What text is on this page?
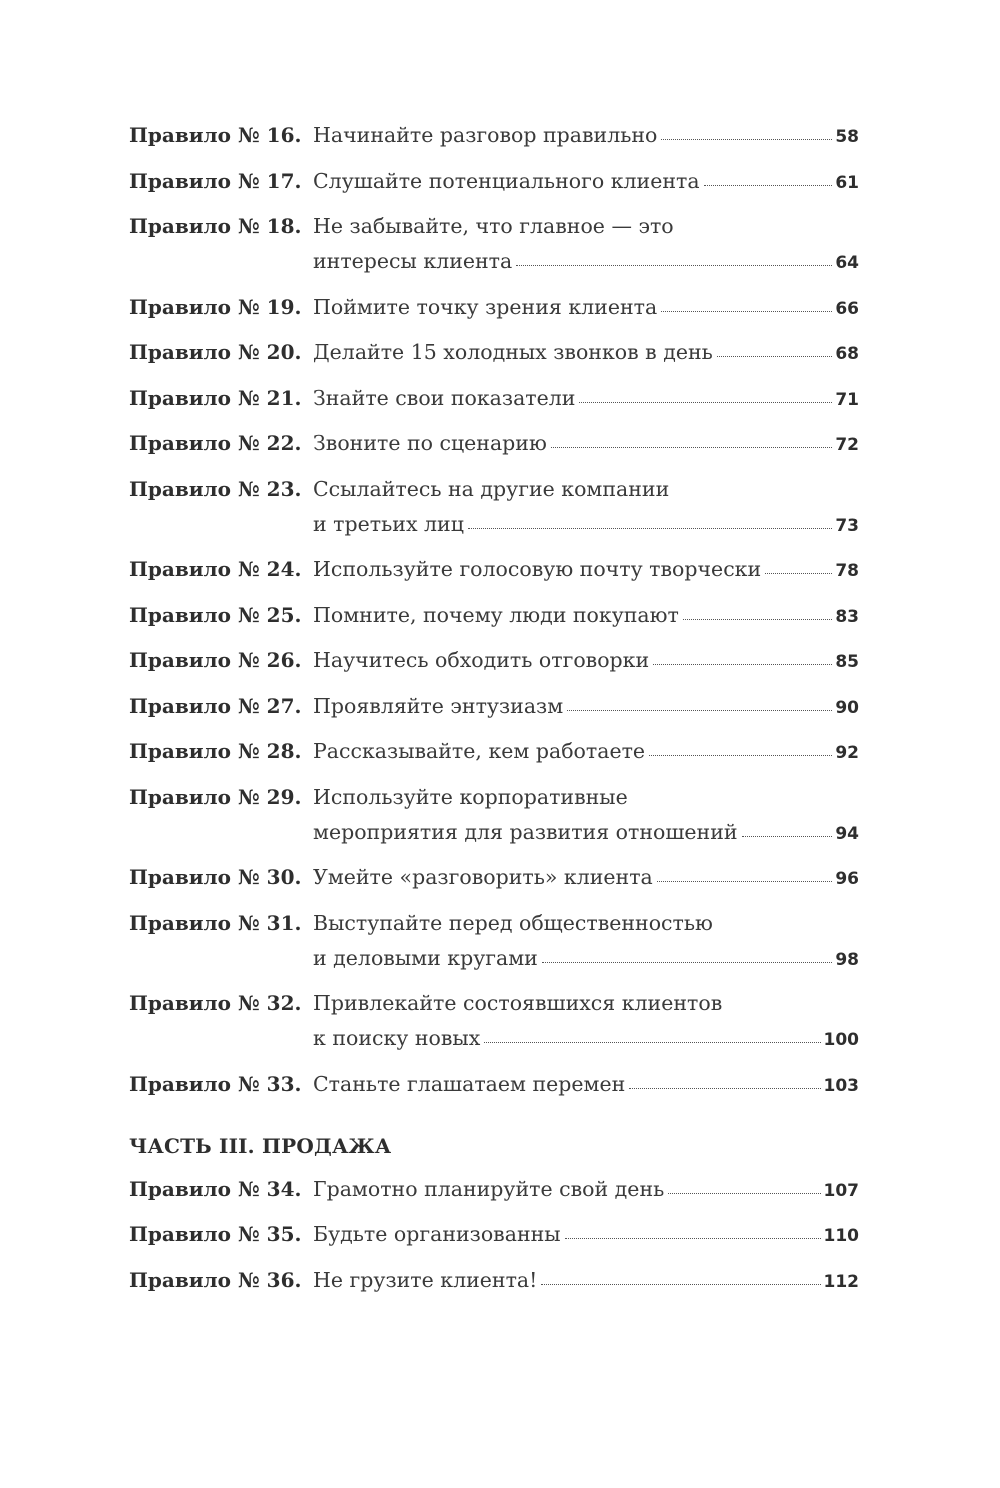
Правило № 16. Начинайте разговор правильно	58
Правило № 17. Слушайте потенциального клиента	61
Правило № 18. Не забывайте, что главное — это
интересы клиента	64
Правило № 19. Поймите точку зрения клиента	66
Правило № 20. Делайте 15 холодных звонков в день	68
Правило № 21. Знайте свои показатели	71
Правило № 22. Звоните по сценарию	72
Правило № 23. Ссылайтесь на другие компании
и третьих лиц	73
Правило № 24. Используйте голосовую почту творчески	78
Правило № 25. Помните, почему люди покупают	83
Правило № 26. Научитесь обходить отговорки	85
Правило № 27. Проявляйте энтузиазм	90
Правило № 28. Рассказывайте, кем работаете	92
Правило № 29. Используйте корпоративные
мероприятия для развития отношений	94
Правило № 30. Умейте «разговорить» клиента	96
Правило № 31. Выступайте перед общественностью
и деловыми кругами	98
Правило № 32. Привлекайте состоявшихся клиентов
к поиску новых	100
Правило № 33. Станьте глашатаем перемен	103
ЧАСТЬ III. ПРОДАЖА
Правило № 34. Грамотно планируйте свой день	107
Правило № 35. Будьте организованны	110
Правило № 36. Не грузите клиента!	112
